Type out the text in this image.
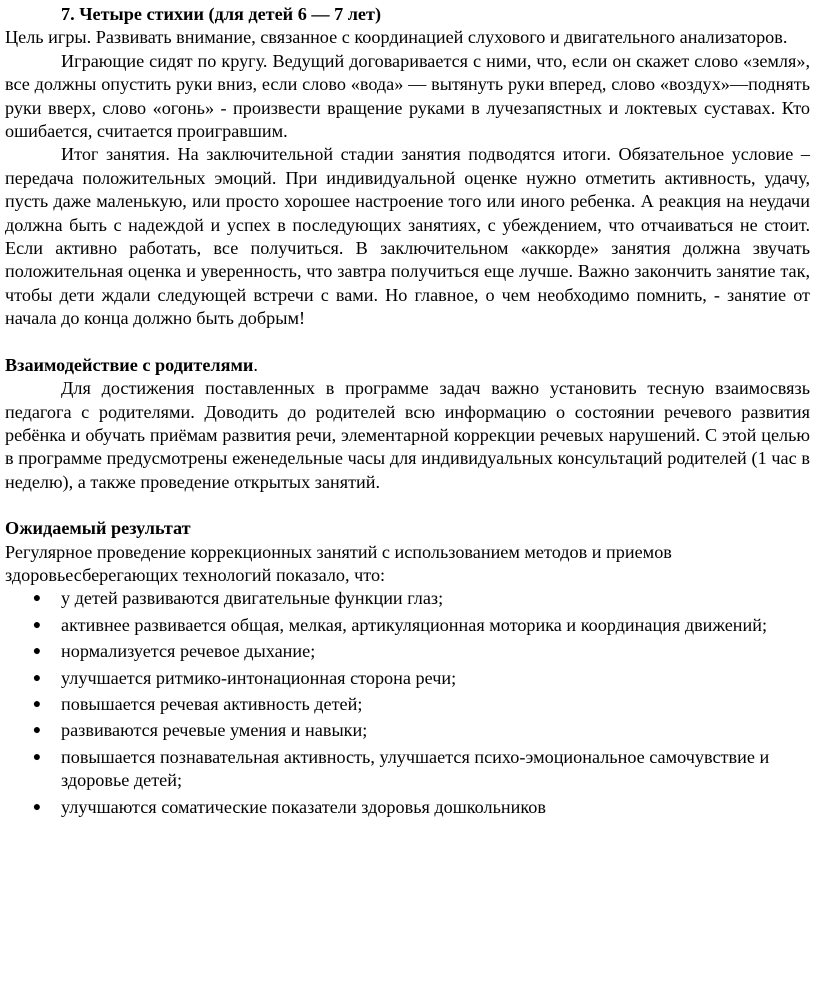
7. Четыре стихии (для детей 6 — 7 лет)

Цель игры. Развивать внимание, связанное с координацией слухового и двигательного анализаторов.

Играющие сидят по кругу. Ведущий договаривается с ними, что, если он скажет слово «земля», все должны опустить руки вниз, если слово «вода» — вытянуть руки вперед, слово «воздух»—поднять руки вверх, слово «огонь» - произвести вращение руками в лучезапястных и локтевых суставах. Кто ошибается, считается проигравшим.

Итог занятия. На заключительной стадии занятия подводятся итоги. Обязательное условие – передача положительных эмоций. При индивидуальной оценке нужно отметить активность, удачу, пусть даже маленькую, или просто хорошее настроение того или иного ребенка. А реакция на неудачи должна быть с надеждой и успех в последующих занятиях, с убеждением, что отчаиваться не стоит. Если активно работать, все получиться. В заключительном «аккорде» занятия должна звучать положительная оценка и уверенность, что завтра получиться еще лучше. Важно закончить занятие так, чтобы дети ждали следующей встречи с вами. Но главное, о чем необходимо помнить, - занятие от начала до конца должно быть добрым!

Взаимодействие с родителями.

Для достижения поставленных в программе задач важно установить тесную взаимосвязь педагога с родителями. Доводить до родителей всю информацию о состоянии речевого развития ребёнка и обучать приёмам развития речи, элементарной коррекции речевых нарушений. С этой целью в программе предусмотрены еженедельные часы для индивидуальных консультаций родителей (1 час в неделю), а также проведение открытых занятий.

Ожидаемый результат

Регулярное проведение коррекционных занятий с использованием методов и приемов здоровьесберегающих технологий показало, что:

● у детей развиваются двигательные функции глаз;
● активнее развивается общая, мелкая, артикуляционная моторика и координация движений;
● нормализуется речевое дыхание;
● улучшается ритмико-интонационная сторона речи;
● повышается речевая активность детей;
● развиваются речевые умения и навыки;
● повышается познавательная активность, улучшается психо-эмоциональное самочувствие и здоровье детей;
● улучшаются соматические показатели здоровья дошкольников
